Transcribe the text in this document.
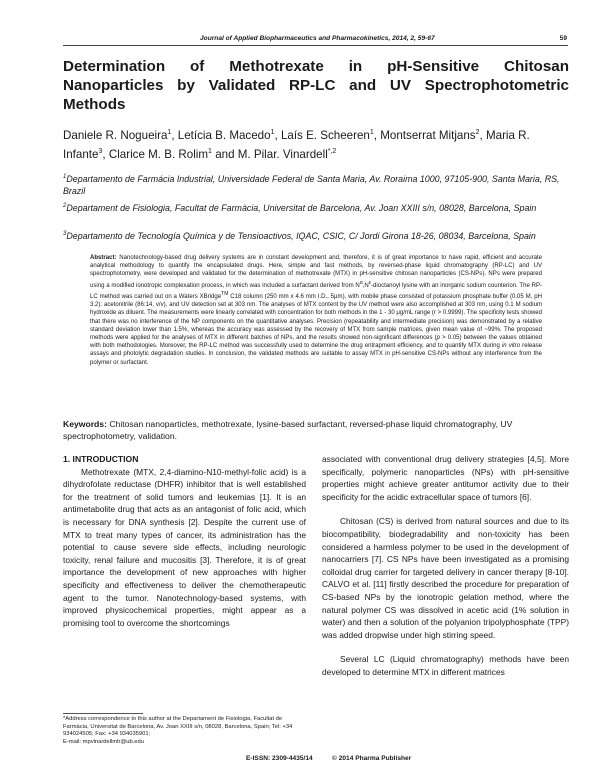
Journal of Applied Biopharmaceutics and Pharmacokinetics, 2014, 2, 59-67	59
Determination of Methotrexate in pH-Sensitive Chitosan Nanoparticles by Validated RP-LC and UV Spectrophotometric Methods
Daniele R. Nogueira$^1$, Letícia B. Macedo$^1$, Laís E. Scheeren$^1$, Montserrat Mitjans$^2$, Maria R. Infante$^3$, Clarice M. B. Rolim$^1$ and M. Pilar. Vinardell$^{*,2}$
$^1$Departamento de Farmácia Industrial, Universidade Federal de Santa Maria, Av. Roraima 1000, 97105-900, Santa Maria, RS, Brazil
$^2$Departament de Fisiologia, Facultat de Farmàcia, Universitat de Barcelona, Av. Joan XXIII s/n, 08028, Barcelona, Spain
$^3$Departamento de Tecnología Química y de Tensioactivos, IQAC, CSIC, C/ Jordi Girona 18-26, 08034, Barcelona, Spain

Abstract: Nanotechnology-based drug delivery systems are in constant development and, therefore, it is of great importance to have rapid, efficient and accurate analytical methodology to quantify the encapsulated drugs. Here, simple and fast methods, by reversed-phase liquid chromatography (RP-LC) and UV spectrophotometry, were developed and validated for the determination of methotrexate (MTX) in pH-sensitive chitosan nanoparticles (CS-NPs). NPs were prepared using a modified ionotropic complexation process, in which was included a surfactant derived from $N^\alpha,N^\varepsilon$-dioctanoyl lysine with an inorganic sodium counterion. The RP-LC method was carried out on a Waters XBridge™ C18 column (250 mm x 4.6 mm I.D., 5μm), with mobile phase consisted of potassium phosphate buffer (0.05 M, pH 3.2): acetonitrile (86:14, v/v), and UV detection set at 303 nm. The analyses of MTX content by the UV method were also accomplished at 303 nm, using 0.1 M sodium hydroxide as diluent. The measurements were linearly correlated with concentration for both methods in the 1 - 30 μg/mL range (r > 0.9999). The specificity tests showed that there was no interference of the NP components on the quantitative analyses. Precision (repeatability and intermediate precision) was demonstrated by a relative standard deviation lower than 1.5%, whereas the accuracy was assessed by the recovery of MTX from sample matrices, given mean value of ~99%. The proposed methods were applied for the analyses of MTX in different batches of NPs, and the results showed non-significant differences (p > 0.05) between the values obtained with both methodologies. Moreover, the RP-LC method was successfully used to determine the drug entrapment efficiency, and to quantify MTX during in vitro release assays and photolytic degradation studies. In conclusion, the validated methods are suitable to assay MTX in pH-sensitive CS-NPs without any interference from the polymer or surfactant.

Keywords: Chitosan nanoparticles, methotrexate, lysine-based surfactant, reversed-phase liquid chromatography, UV spectrophotometry, validation.

1. INTRODUCTION

Methotrexate (MTX, 2,4-diamino-N10-methyl-folic acid) is a dihydrofolate reductase (DHFR) inhibitor that is well established for the treatment of solid tumors and leukemias [1]. It is an antimetabolite drug that acts as an antagonist of folic acid, which is necessary for DNA synthesis [2]. Despite the current use of MTX to treat many types of cancer, its administration has the potential to cause severe side effects, including neurologic toxicity, renal failure and mucositis [3]. Therefore, it is of great importance the development of new approaches with higher specificity and effectiveness to deliver the chemotherapeutic agent to the tumor. Nanotechnology-based systems, with improved physicochemical properties, might appear as a promising tool to overcome the shortcomings

associated with conventional drug delivery strategies [4,5]. More specifically, polymeric nanoparticles (NPs) with pH-sensitive properties might achieve greater antitumor activity due to their specificity for the acidic extracellular space of tumors [6].

Chitosan (CS) is derived from natural sources and due to its biocompatibility, biodegradability and non-toxicity has been considered a harmless polymer to be used in the development of nanocarriers [7]. CS NPs have been investigated as a promising colloidal drug carrier for targeted delivery in cancer therapy [8-10]. CALVO et al. [11] firstly described the procedure for preparation of CS-based NPs by the ionotropic gelation method, where the natural polymer CS was dissolved in acetic acid (1% solution in water) and then a solution of the polyanion tripolyphosphate (TPP) was added dropwise under high stirring speed.

Several LC (Liquid chromatography) methods have been developed to determine MTX in different matrices

*Address correspondence to this author at the Departament de Fisiologia, Facultat de Farmàcia, Universitat de Barcelona, Av. Joan XXIII s/n, 08028, Barcelona, Spain; Tel: +34 934024505; Fax: +34 934035901;
E-mail: mpvinardellmh@ub.edu
E-ISSN: 2309-4435/14	© 2014 Pharma Publisher
